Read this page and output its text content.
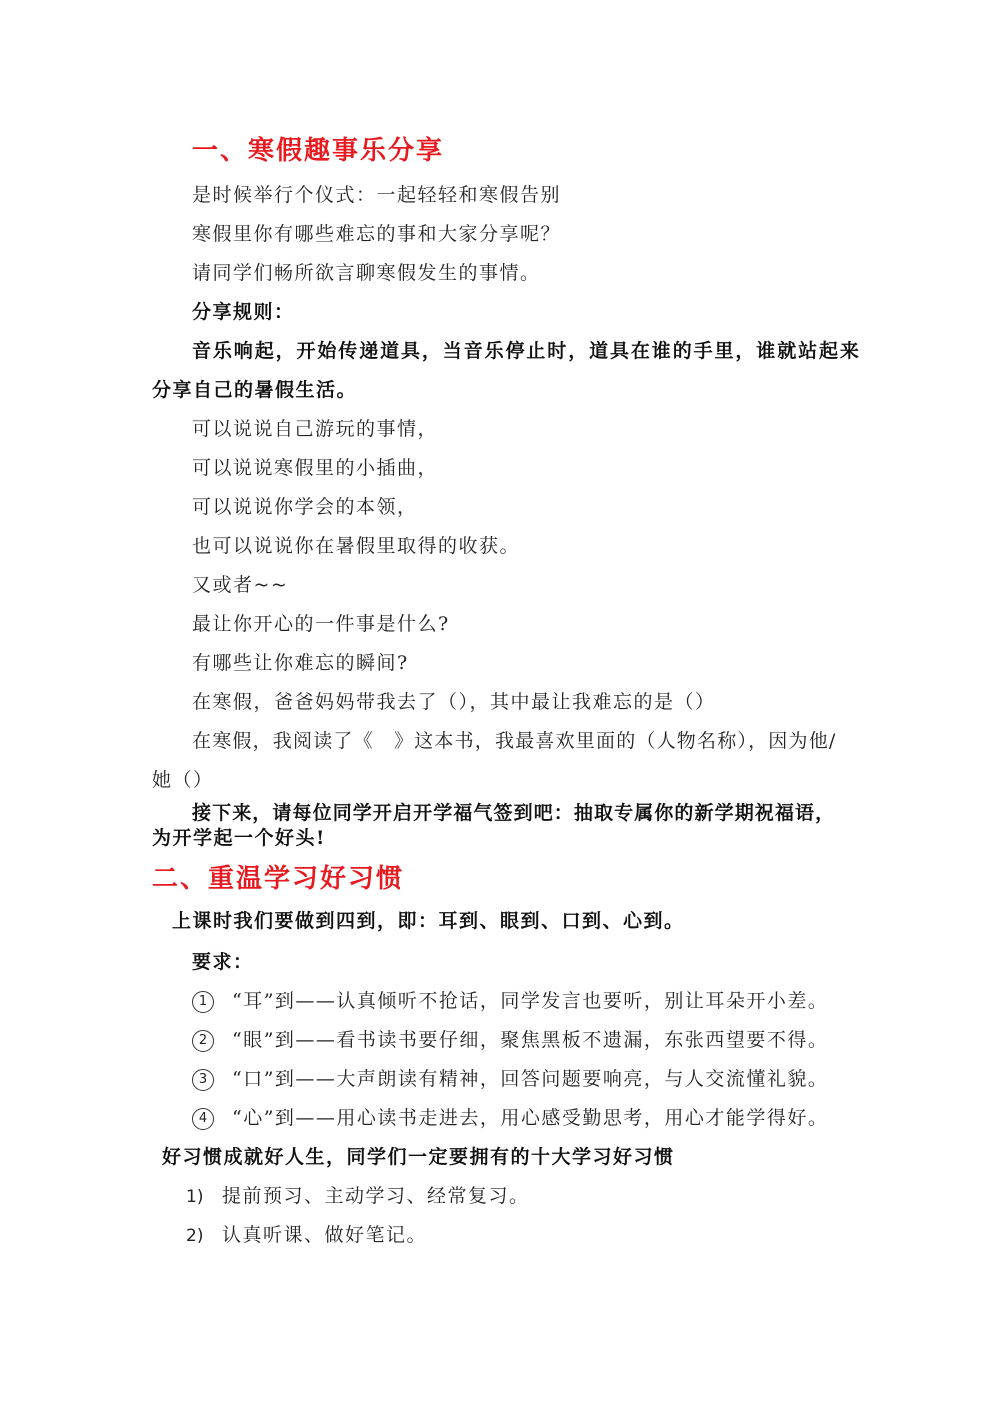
一、寒假趣事乐分享
是时候举行个仪式：一起轻轻和寒假告别
寒假里你有哪些难忘的事和大家分享呢？
请同学们畅所欲言聊寒假发生的事情。
分享规则：
音乐响起，开始传递道具，当音乐停止时，道具在谁的手里，谁就站起来
分享自己的暑假生活。
可以说说自己游玩的事情，
可以说说寒假里的小插曲，
可以说说你学会的本领，
也可以说说你在暑假里取得的收获。
又或者~~
最让你开心的一件事是什么?
有哪些让你难忘的瞬间?
在寒假，爸爸妈妈带我去了（），其中最让我难忘的是（）
在寒假，我阅读了《　》这本书，我最喜欢里面的（人物名称），因为他/
她（）
接下来，请每位同学开启开学福气签到吧：抽取专属你的新学期祝福语，
为开学起一个好头!
二、重温学习好习惯
上课时我们要做到四到，即：耳到、眼到、口到、心到。
要求：
1 “耳”到——认真倾听不抢话，同学发言也要听，别让耳朵开小差。
2 “眼”到——看书读书要仔细，聚焦黑板不遗漏，东张西望要不得。
3 “口”到——大声朗读有精神，回答问题要响亮，与人交流懂礼貌。
4 “心”到——用心读书走进去，用心感受勤思考，用心才能学得好。
好习惯成就好人生，同学们一定要拥有的十大学习好习惯
1) 提前预习、主动学习、经常复习。
2) 认真听课、做好笔记。
